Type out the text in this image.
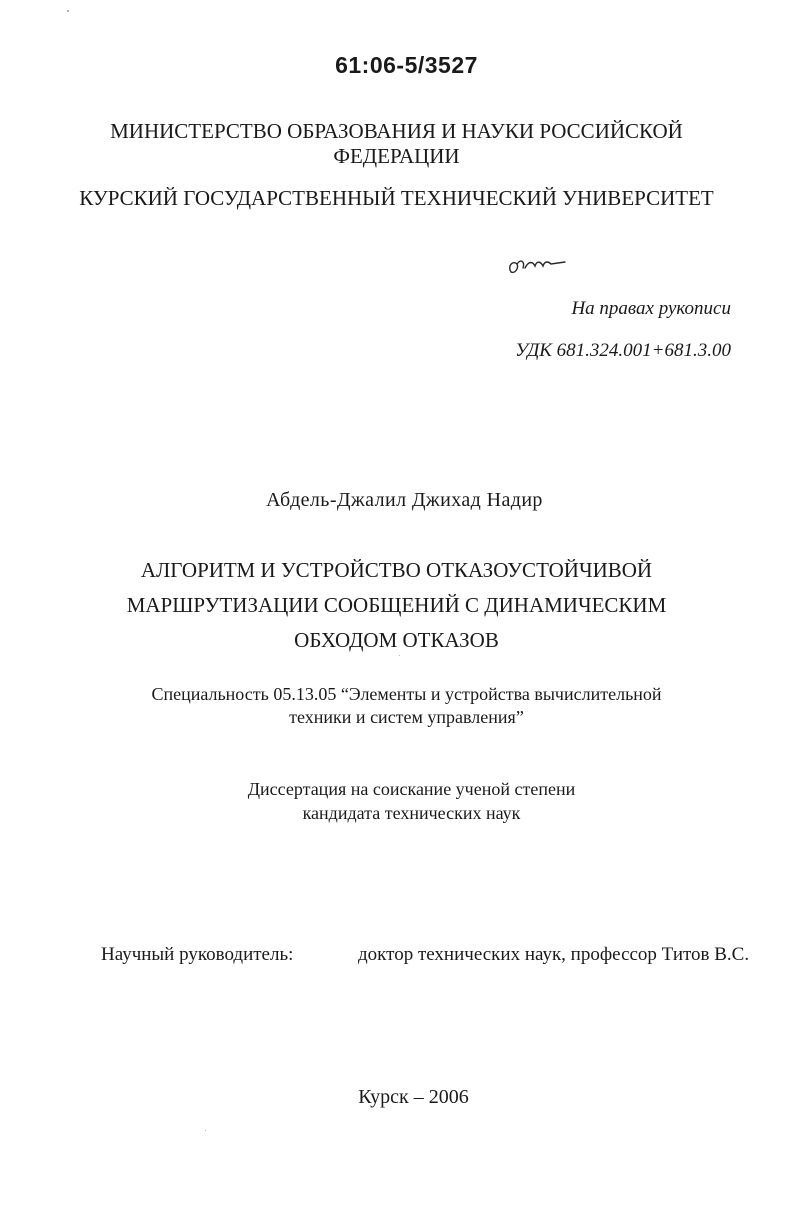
61:06-5/3527
МИНИСТЕРСТВО ОБРАЗОВАНИЯ И НАУКИ РОССИЙСКОЙ
ФЕДЕРАЦИИ
КУРСКИЙ ГОСУДАРСТВЕННЫЙ ТЕХНИЧЕСКИЙ УНИВЕРСИТЕТ
На правах рукописи
УДК 681.324.001+681.3.00
Абдель-Джалил Джихад Надир
АЛГОРИТМ И УСТРОЙСТВО ОТКАЗОУСТОЙЧИВОЙ
МАРШРУТИЗАЦИИ СООБЩЕНИЙ С ДИНАМИЧЕСКИМ
ОБХОДОМ ОТКАЗОВ
Специальность 05.13.05 “Элементы и устройства вычислительной
техники и систем управления”
Диссертация на соискание ученой степени
кандидата технических наук
Научный руководитель:	доктор технических наук, профессор Титов В.С.
Курск – 2006
